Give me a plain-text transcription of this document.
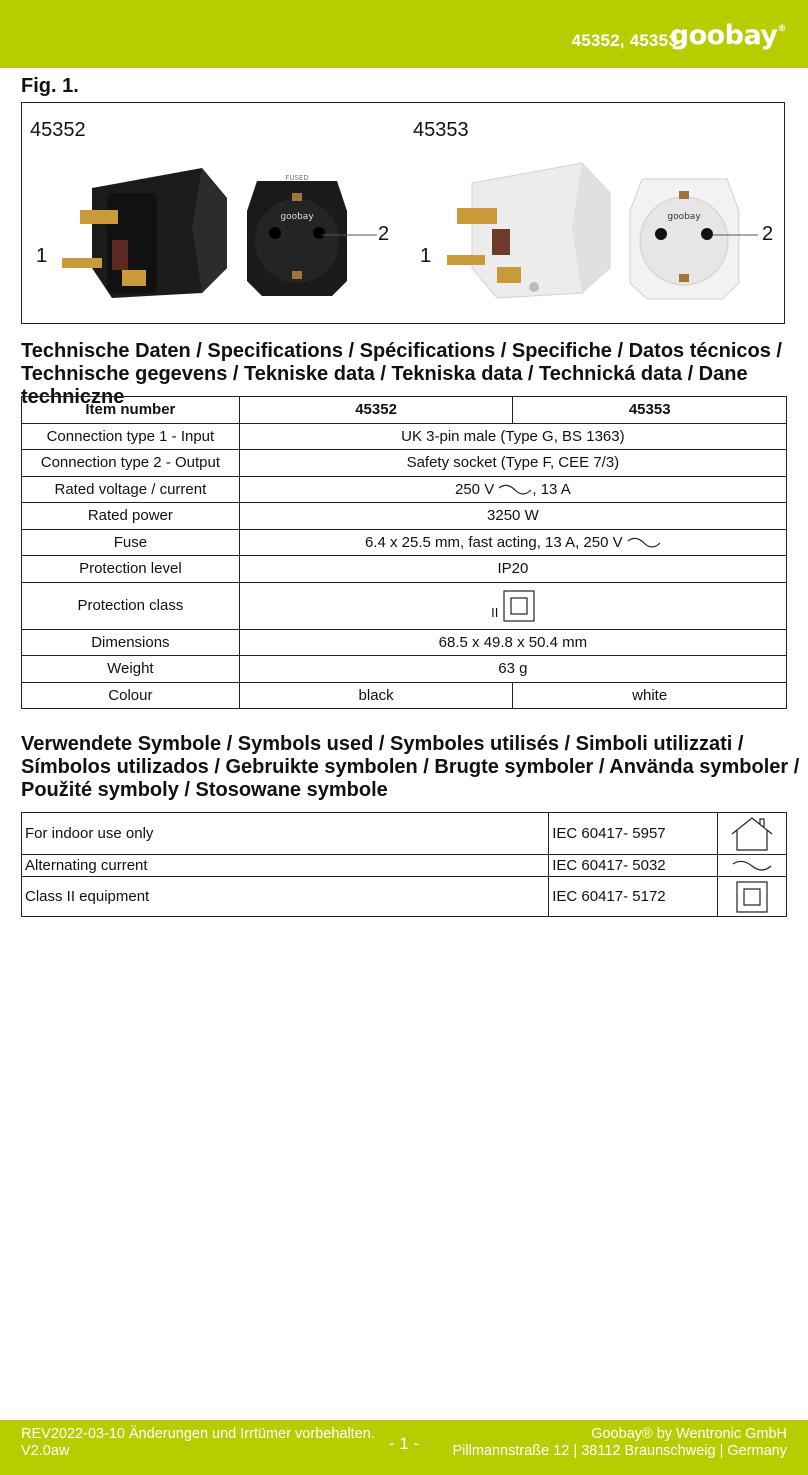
45352, 45353
goobay®
Fig. 1.
45352	45353
FUSED
goobay
1
2
goobay
1
2
Technische Daten / Specifications / Spécifications / Specifiche / Datos técnicos /
Technische gegevens / Tekniske data / Tekniska data / Technická data / Dane techniczne
Item number	45352	45353
Connection type 1 - Input	UK 3-pin male (Type G, BS 1363)	
Connection type 2 - Output	Safety socket (Type F, CEE 7/3)	
Rated voltage / current	250 V , 13 A	
Rated power	3250 W	
Fuse	6.4 x 25.5 mm, fast acting, 13 A, 250 V	
Protection level	IP20	
Protection class	II	
Dimensions	68.5 x 49.8 x 50.4 mm	
Weight	63 g	
Colour	black	white
Verwendete Symbole / Symbols used / Symboles utilisés / Simboli utilizzati /
Símbolos utilizados / Gebruikte symbolen / Brugte symboler / Använda symboler /
Použité symboly / Stosowane symbole
For indoor use only	IEC 60417- 5957	
Alternating current	IEC 60417- 5032	
Class II equipment	IEC 60417- 5172	
REV2022-03-10 Änderungen und Irrtümer vorbehalten.
V2.0aw	- 1 -	Goobay® by Wentronic GmbH
Pillmannstraße 12 | 38112 Braunschweig | Germany
